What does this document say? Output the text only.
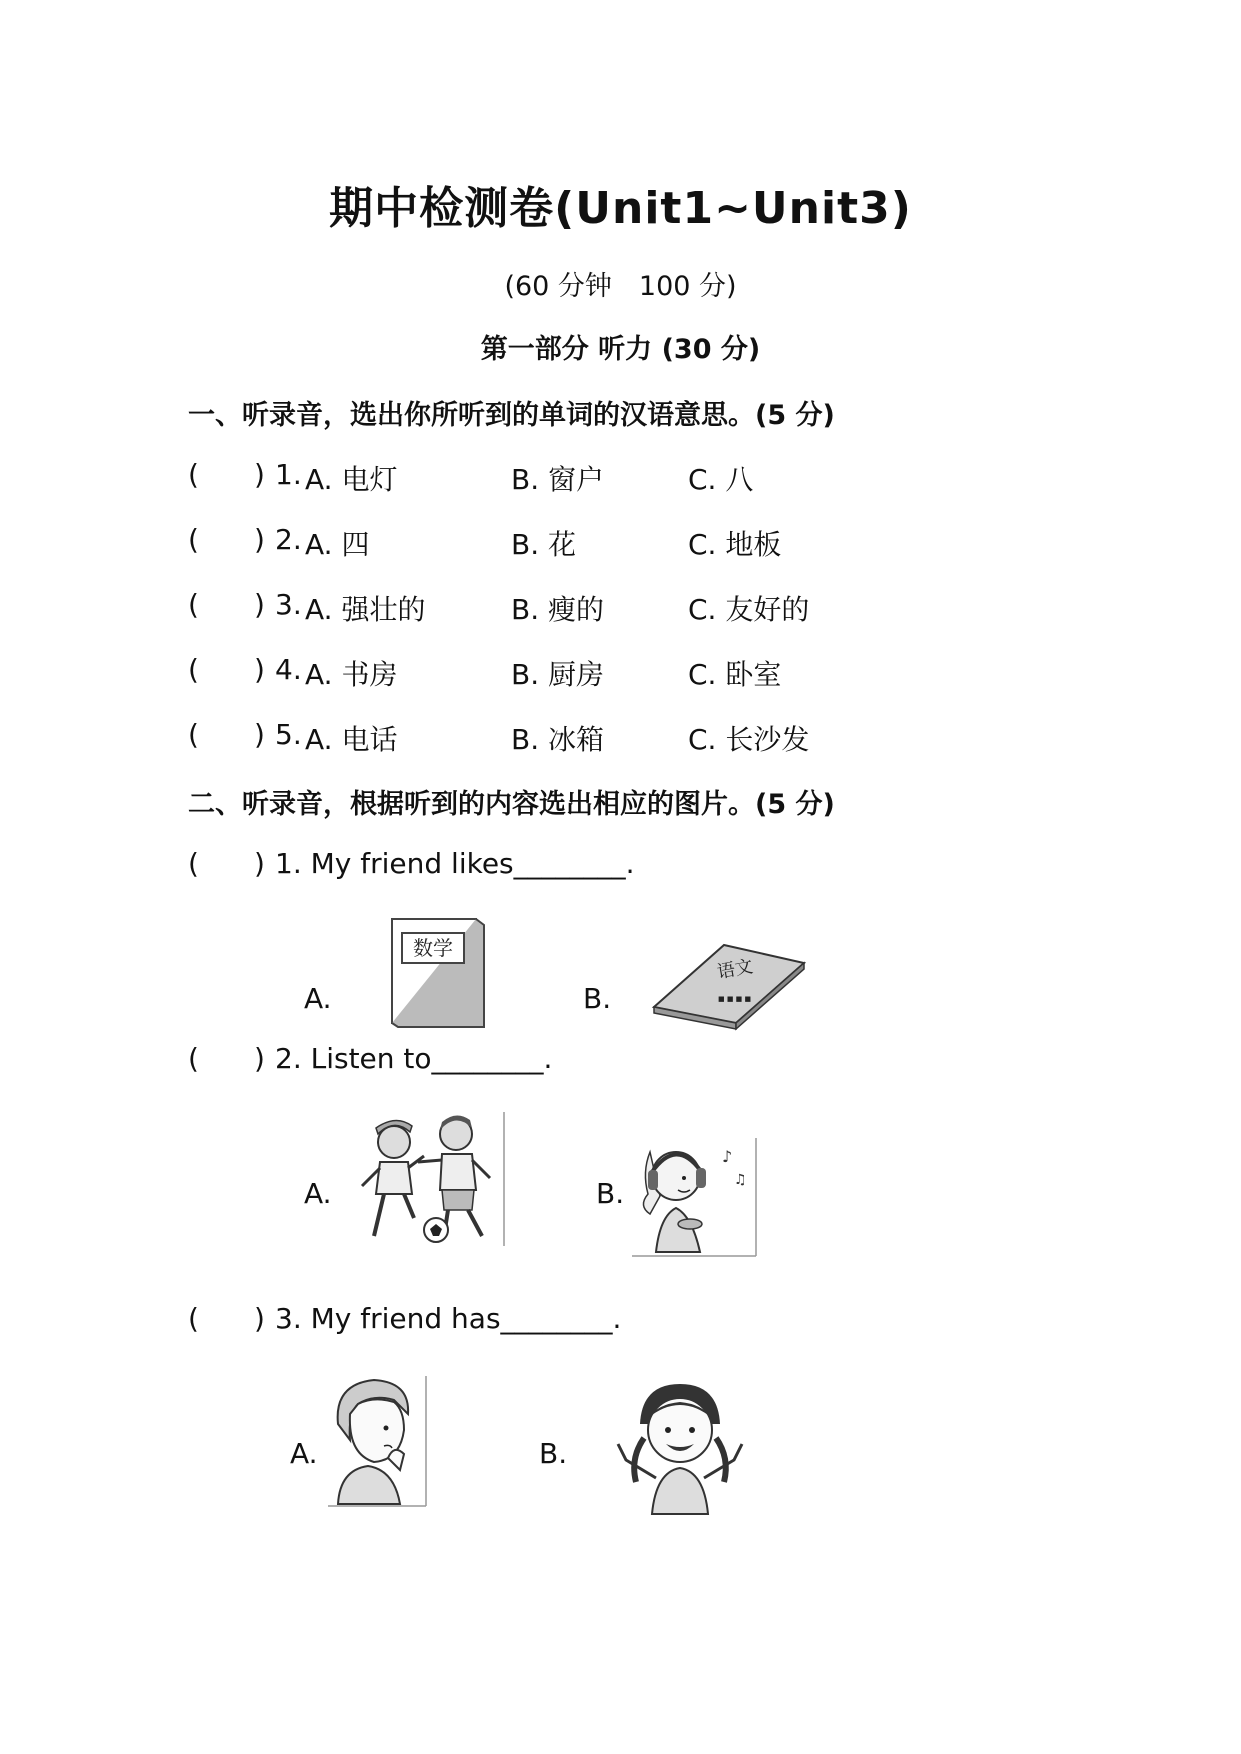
期中检测卷(Unit1~Unit3)
(60 分钟　100 分)
第一部分 听力 (30 分)
一、听录音，选出你所听到的单词的汉语意思。(5 分)
( ) 1. A. 电灯	B. 窗户	C. 八
( ) 2. A. 四	B. 花	C. 地板
( ) 3. A. 强壮的	B. 瘦的	C. 友好的
( ) 4. A. 书房	B. 厨房	C. 卧室
( ) 5. A. 电话	B. 冰箱	C. 长沙发
二、听录音，根据听到的内容选出相应的图片。(5 分)
( ) 1. My friend likes________.
A.
数学
B.
语文
■ ■ ■ ■
( ) 2. Listen to________.
A.	B.
♪
♫
( ) 3. My friend has________.
A.	B.
